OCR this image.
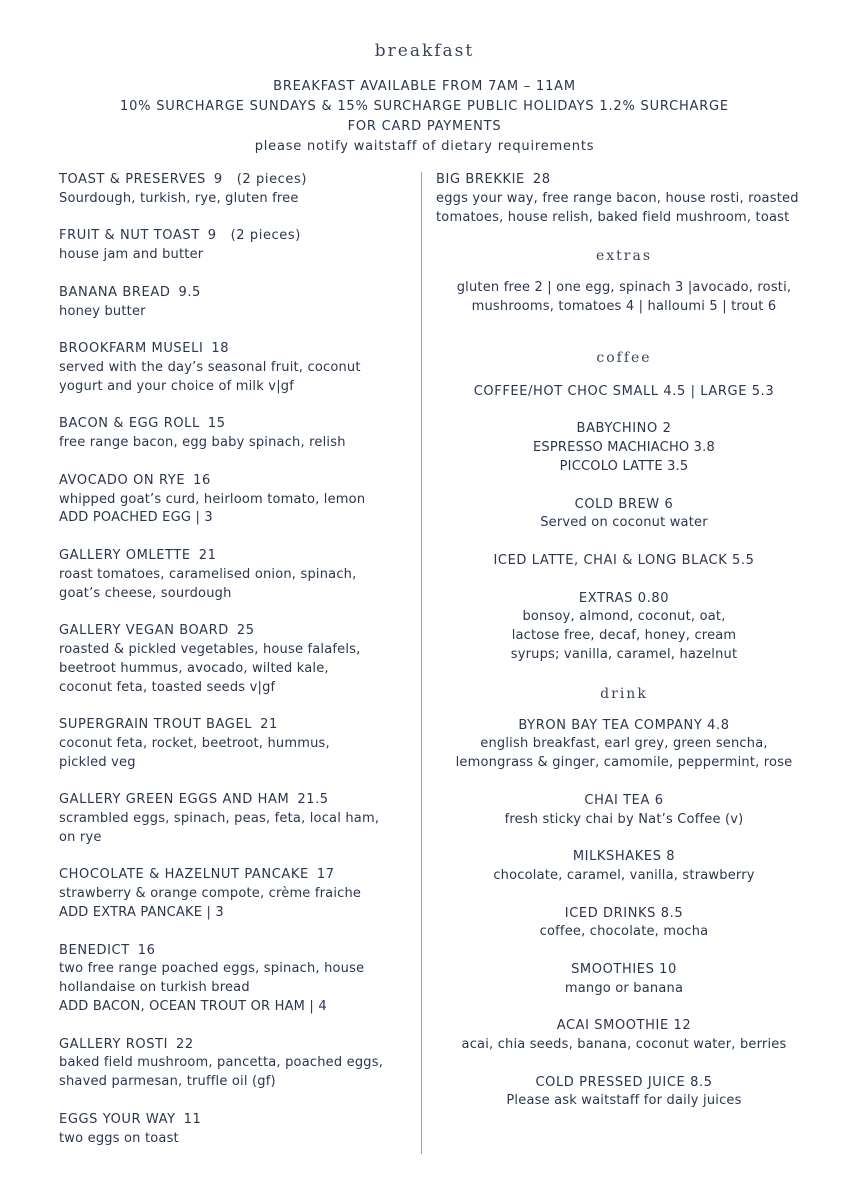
breakfast
BREAKFAST AVAILABLE FROM 7AM – 11AM
10% SURCHARGE SUNDAYS & 15% SURCHARGE PUBLIC HOLIDAYS 1.2% SURCHARGE
FOR CARD PAYMENTS
please notify waitstaff of dietary requirements
TOAST & PRESERVES 9 (2 pieces)
Sourdough, turkish, rye, gluten free
FRUIT & NUT TOAST 9 (2 pieces)
house jam and butter
BANANA BREAD 9.5
honey butter
BROOKFARM MUSELI 18
served with the day’s seasonal fruit, coconut
yogurt and your choice of milk v|gf
BACON & EGG ROLL 15
free range bacon, egg baby spinach, relish
AVOCADO ON RYE 16
whipped goat’s curd, heirloom tomato, lemon
ADD POACHED EGG | 3
GALLERY OMLETTE 21
roast tomatoes, caramelised onion, spinach,
goat’s cheese, sourdough
GALLERY VEGAN BOARD 25
roasted & pickled vegetables, house falafels,
beetroot hummus, avocado, wilted kale,
coconut feta, toasted seeds v|gf
SUPERGRAIN TROUT BAGEL 21
coconut feta, rocket, beetroot, hummus,
pickled veg
GALLERY GREEN EGGS AND HAM 21.5
scrambled eggs, spinach, peas, feta, local ham,
on rye
CHOCOLATE & HAZELNUT PANCAKE 17
strawberry & orange compote, crème fraiche
ADD EXTRA PANCAKE | 3
BENEDICT 16
two free range poached eggs, spinach, house
hollandaise on turkish bread
ADD BACON, OCEAN TROUT OR HAM | 4
GALLERY ROSTI 22
baked field mushroom, pancetta, poached eggs,
shaved parmesan, truffle oil (gf)
EGGS YOUR WAY 11
two eggs on toast
BIG BREKKIE 28
eggs your way, free range bacon, house rosti, roasted
tomatoes, house relish, baked field mushroom, toast
extras
gluten free 2 | one egg, spinach 3 |avocado, rosti,
mushrooms, tomatoes 4 | halloumi 5 | trout 6
coffee
COFFEE/HOT CHOC SMALL 4.5 | LARGE 5.3
BABYCHINO 2
ESPRESSO MACHIACHO 3.8
PICCOLO LATTE 3.5
COLD BREW 6
Served on coconut water
ICED LATTE, CHAI & LONG BLACK 5.5
EXTRAS 0.80
bonsoy, almond, coconut, oat,
lactose free, decaf, honey, cream
syrups; vanilla, caramel, hazelnut
drink
BYRON BAY TEA COMPANY 4.8
english breakfast, earl grey, green sencha,
lemongrass & ginger, camomile, peppermint, rose
CHAI TEA 6
fresh sticky chai by Nat’s Coffee (v)
MILKSHAKES 8
chocolate, caramel, vanilla, strawberry
ICED DRINKS 8.5
coffee, chocolate, mocha
SMOOTHIES 10
mango or banana
ACAI SMOOTHIE 12
acai, chia seeds, banana, coconut water, berries
COLD PRESSED JUICE 8.5
Please ask waitstaff for daily juices
